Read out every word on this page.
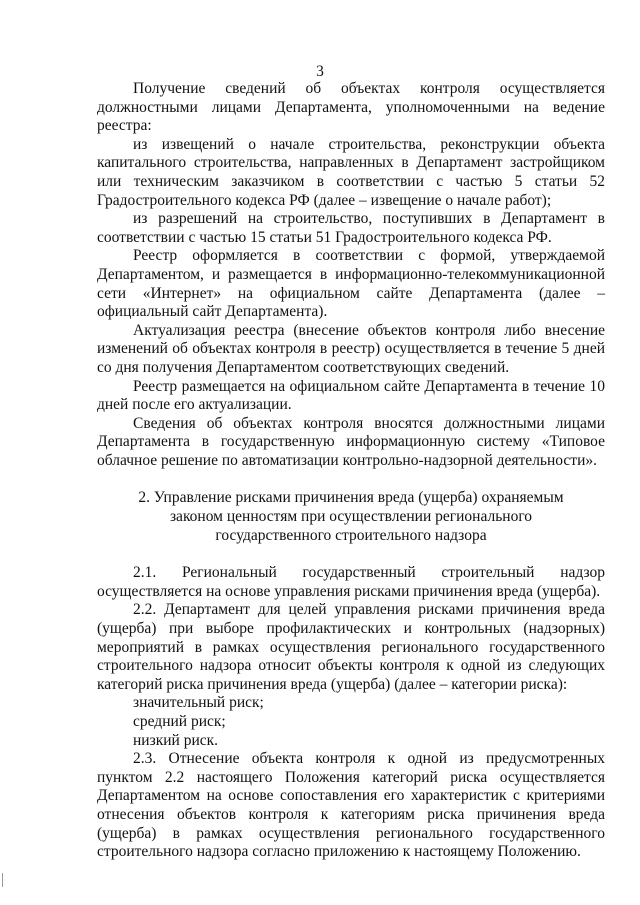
3

Получение сведений об объектах контроля осуществляется должностными лицами Департамента, уполномоченными на ведение реестра:

из извещений о начале строительства, реконструкции объекта капитального строительства, направленных в Департамент застройщиком или техническим заказчиком в соответствии с частью 5 статьи 52 Градостроительного кодекса РФ (далее – извещение о начале работ);

из разрешений на строительство, поступивших в Департамент в соответствии с частью 15 статьи 51 Градостроительного кодекса РФ.

Реестр оформляется в соответствии с формой, утверждаемой Департаментом, и размещается в информационно-телекоммуникационной сети «Интернет» на официальном сайте Департамента (далее – официальный сайт Департамента).

Актуализация реестра (внесение объектов контроля либо внесение изменений об объектах контроля в реестр) осуществляется в течение 5 дней со дня получения Департаментом соответствующих сведений.

Реестр размещается на официальном сайте Департамента в течение 10 дней после его актуализации.

Сведения об объектах контроля вносятся должностными лицами Департамента в государственную информационную систему «Типовое облачное решение по автоматизации контрольно-надзорной деятельности».

2. Управление рисками причинения вреда (ущерба) охраняемым законом ценностям при осуществлении регионального государственного строительного надзора

2.1. Региональный государственный строительный надзор осуществляется на основе управления рисками причинения вреда (ущерба).

2.2. Департамент для целей управления рисками причинения вреда (ущерба) при выборе профилактических и контрольных (надзорных) мероприятий в рамках осуществления регионального государственного строительного надзора относит объекты контроля к одной из следующих категорий риска причинения вреда (ущерба) (далее – категории риска):

значительный риск;

средний риск;

низкий риск.

2.3. Отнесение объекта контроля к одной из предусмотренных пунктом 2.2 настоящего Положения категорий риска осуществляется Департаментом на основе сопоставления его характеристик с критериями отнесения объектов контроля к категориям риска причинения вреда (ущерба) в рамках осуществления регионального государственного строительного надзора согласно приложению к настоящему Положению.
